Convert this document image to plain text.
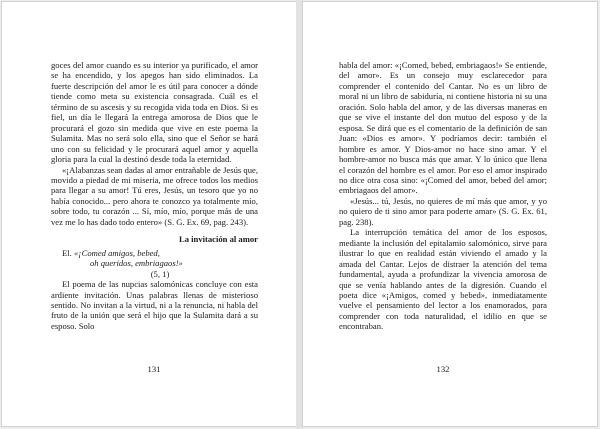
goces del amor cuando es su interior ya purificado, el amor se ha encendido, y los apegos han sido eliminados. La fuerte descripción del amor le es útil para conocer a dónde tiende como meta su existencia consagrada. Cuál es el término de su ascesis y su recogida vida toda en Dios. Si es fiel, un día le llegará la entrega amorosa de Dios que le procurará el gozo sin medida que vive en este poema la Sulamita. Mas no será solo ella, sino que el Señor se hará uno con su felicidad y le procurará aquel amor y aquella gloria para la cual la destinó desde toda la eternidad.

«¡Alabanzas sean dadas al amor entrañable de Jesús que, movido a piedad de mi miseria, me ofrece todos los medios para llegar a su amor! Tú eres, Jesús, un tesoro que yo no había conocido... pero ahora te conozco ya totalmente mío, sobre todo, tu corazón ... Sí, mío, mío, porque más de una vez me lo has dado todo entero» (S. G. Ex. 69, pag. 243).

La invitación al amor

El. «¡Comed amigos, bebed,

oh queridos, embriagaos!»

(5, 1)

El poema de las nupcias salomónicas concluye con esta ardiente invitación. Unas palabras llenas de misterioso sentido. No invitan a la virtud, ni a la renuncia, ni habla del fruto de la unión que será el hijo que la Sulamita dará a su esposo. Solo

131

habla del amor: «¡Comed, bebed, embriagaos!» Se entiende, del amor». Es un consejo muy esclarecedor para comprender el contenido del Cantar. No es un libro de moral ni un libro de sabiduría, ni contiene historia ni su una oración. Solo habla del amor, y de las diversas maneras en que se vive el instante del don mutuo del esposo y de la esposa. Se dirá que es el comentario de la definición de san Juan: «Dios es amor». Y podríamos decir: también el hombre es amor. Y Dios-amor no hace sino amar. Y el hombre-amor no busca más que amar. Y lo único que llena el corazón del hombre es el amor. Por eso el amor inspirado no dice otra cosa sino: «¡Comed del amor, bebed del amor; embriagaos del amor».

«Jesús... tú, Jesús, no quieres de mí más que amor, y yo no quiero de ti sino amor para poderte amar» (S. G. Ex. 61, pag. 238).

La interrupción temática del amor de los esposos, mediante la inclusión del epitalamio salomónico, sirve para ilustrar lo que en realidad están viviendo el amado y la amada del Cantar. Lejos de distraer la atención del tema fundamental, ayuda a profundizar la vivencia amorosa de que se venía hablando antes de la digresión. Cuando el poeta dice «¡Amigos, comed y bebed», inmediatamente vuelve el pensamiento del lector a los enamorados, para comprender con toda naturalidad, el idilio en que se encontraban.

132
